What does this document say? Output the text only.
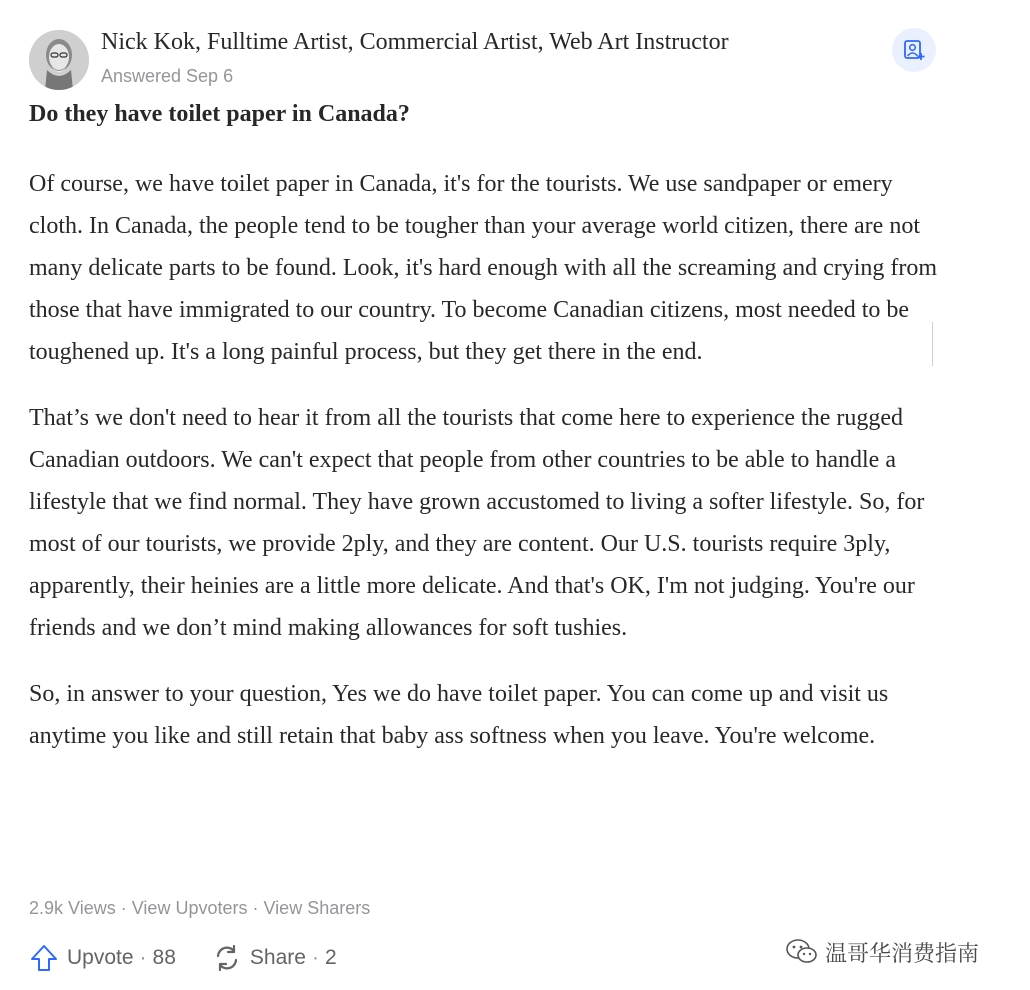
Nick Kok, Fulltime Artist, Commercial Artist, Web Art Instructor
Answered Sep 6
Do they have toilet paper in Canada?

Of course, we have toilet paper in Canada, it's for the tourists. We use sandpaper or emery cloth. In Canada, the people tend to be tougher than your average world citizen, there are not many delicate parts to be found. Look, it's hard enough with all the screaming and crying from those that have immigrated to our country. To become Canadian citizens, most needed to be toughened up. It's a long painful process, but they get there in the end.

That’s we don't need to hear it from all the tourists that come here to experience the rugged Canadian outdoors. We can't expect that people from other countries to be able to handle a lifestyle that we find normal. They have grown accustomed to living a softer lifestyle. So, for most of our tourists, we provide 2ply, and they are content. Our U.S. tourists require 3ply, apparently, their heinies are a little more delicate. And that's OK, I'm not judging. You're our friends and we don’t mind making allowances for soft tushies.

So, in answer to your question, Yes we do have toilet paper. You can come up and visit us anytime you like and still retain that baby ass softness when you leave. You're welcome.

2.9k Views · View Upvoters · View Sharers
Upvote · 88	Share · 2	温哥华消费指南
